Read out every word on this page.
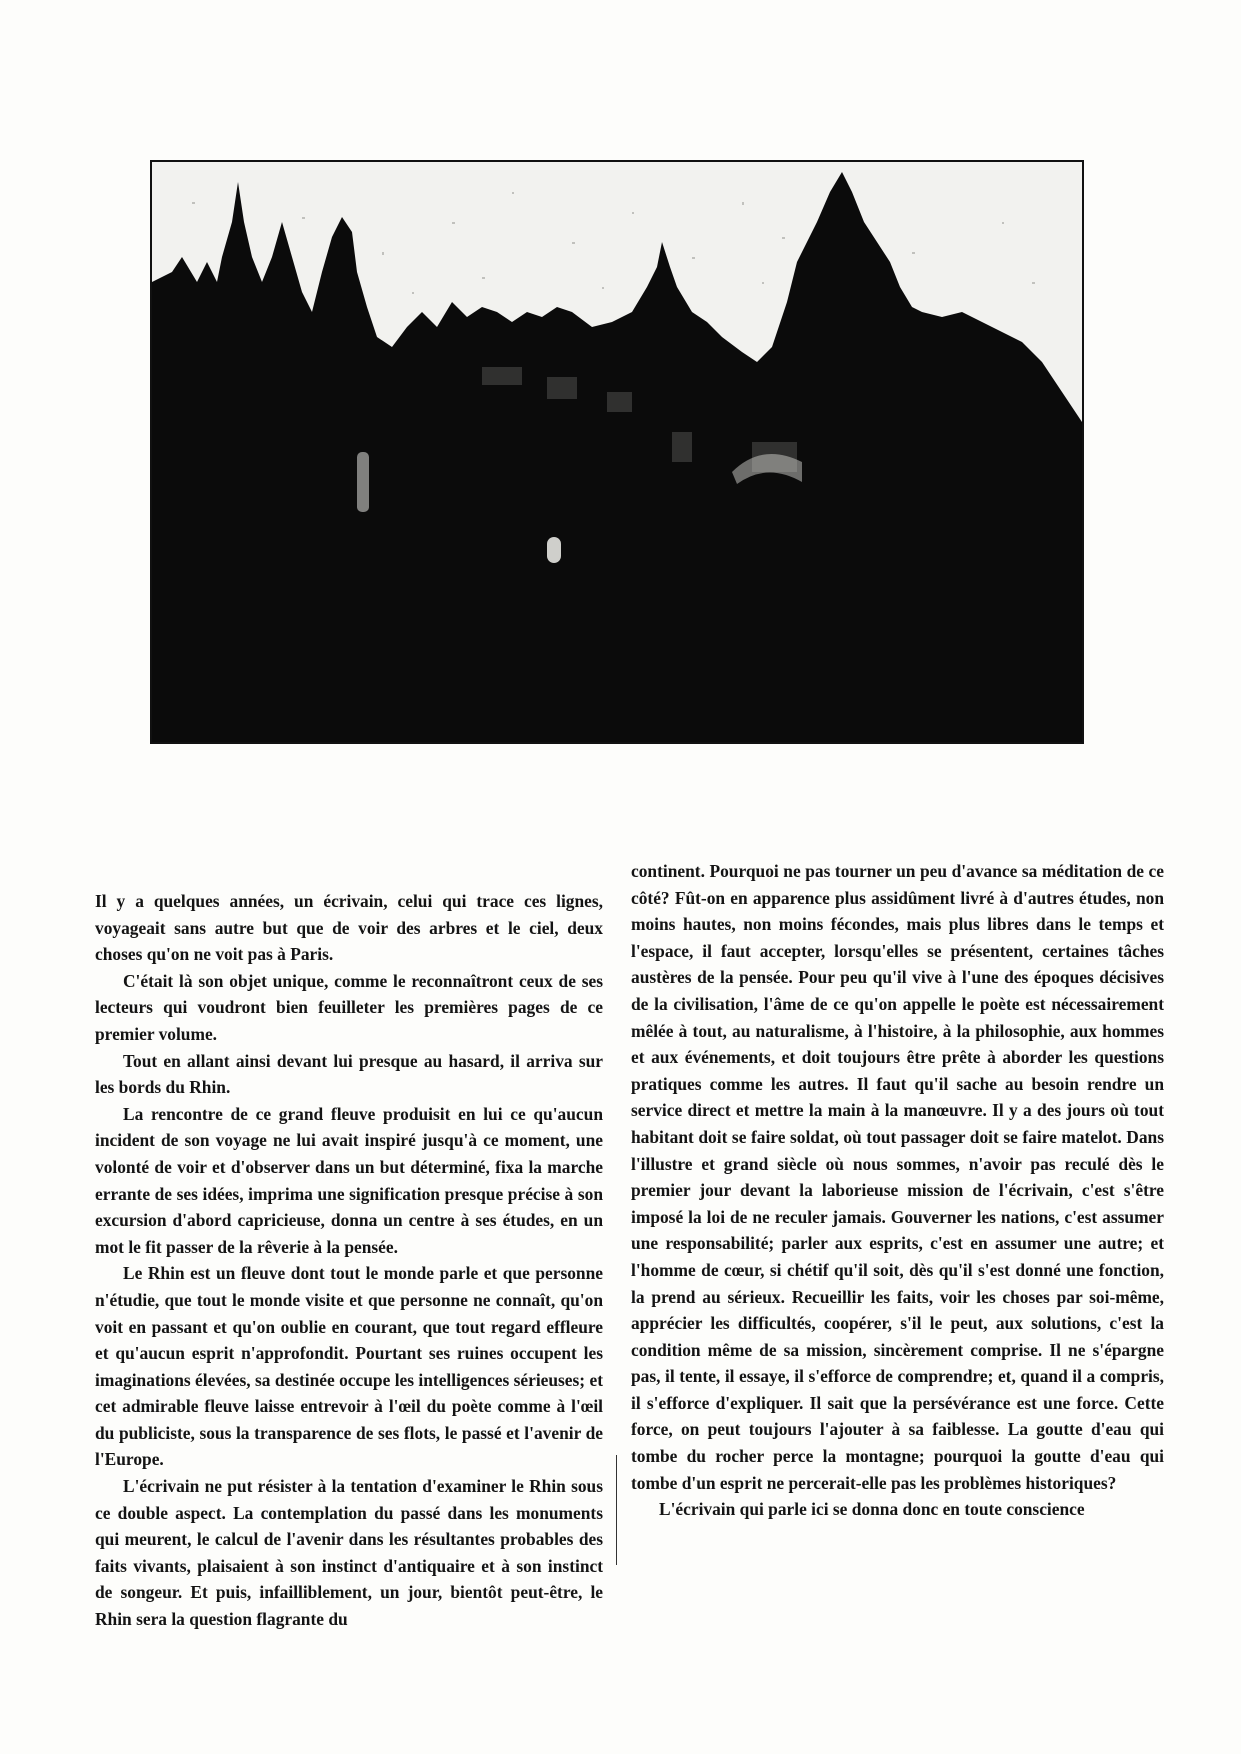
Il y a quelques années, un écrivain, celui qui trace ces lignes, voyageait sans autre but que de voir des arbres et le ciel, deux choses qu'on ne voit pas à Paris.

C'était là son objet unique, comme le reconnaîtront ceux de ses lecteurs qui voudront bien feuilleter les premières pages de ce premier volume.

Tout en allant ainsi devant lui presque au hasard, il arriva sur les bords du Rhin.

La rencontre de ce grand fleuve produisit en lui ce qu'aucun incident de son voyage ne lui avait inspiré jusqu'à ce moment, une volonté de voir et d'observer dans un but déterminé, fixa la marche errante de ses idées, imprima une signification presque précise à son excursion d'abord capricieuse, donna un centre à ses études, en un mot le fit passer de la rêverie à la pensée.

Le Rhin est un fleuve dont tout le monde parle et que personne n'étudie, que tout le monde visite et que personne ne connaît, qu'on voit en passant et qu'on oublie en courant, que tout regard effleure et qu'aucun esprit n'approfondit. Pourtant ses ruines occupent les imaginations élevées, sa destinée occupe les intelligences sérieuses; et cet admirable fleuve laisse entrevoir à l'œil du poète comme à l'œil du publiciste, sous la transparence de ses flots, le passé et l'avenir de l'Europe.

L'écrivain ne put résister à la tentation d'examiner le Rhin sous ce double aspect. La contemplation du passé dans les monuments qui meurent, le calcul de l'avenir dans les résultantes probables des faits vivants, plaisaient à son instinct d'antiquaire et à son instinct de songeur. Et puis, infailliblement, un jour, bientôt peut-être, le Rhin sera la question flagrante du

continent. Pourquoi ne pas tourner un peu d'avance sa méditation de ce côté? Fût-on en apparence plus assidûment livré à d'autres études, non moins hautes, non moins fécondes, mais plus libres dans le temps et l'espace, il faut accepter, lorsqu'elles se présentent, certaines tâches austères de la pensée. Pour peu qu'il vive à l'une des époques décisives de la civilisation, l'âme de ce qu'on appelle le poète est nécessairement mêlée à tout, au naturalisme, à l'histoire, à la philosophie, aux hommes et aux événements, et doit toujours être prête à aborder les questions pratiques comme les autres. Il faut qu'il sache au besoin rendre un service direct et mettre la main à la manœuvre. Il y a des jours où tout habitant doit se faire soldat, où tout passager doit se faire matelot. Dans l'illustre et grand siècle où nous sommes, n'avoir pas reculé dès le premier jour devant la laborieuse mission de l'écrivain, c'est s'être imposé la loi de ne reculer jamais. Gouverner les nations, c'est assumer une responsabilité; parler aux esprits, c'est en assumer une autre; et l'homme de cœur, si chétif qu'il soit, dès qu'il s'est donné une fonction, la prend au sérieux. Recueillir les faits, voir les choses par soi-même, apprécier les difficultés, coopérer, s'il le peut, aux solutions, c'est la condition même de sa mission, sincèrement comprise. Il ne s'épargne pas, il tente, il essaye, il s'efforce de comprendre; et, quand il a compris, il s'efforce d'expliquer. Il sait que la persévérance est une force. Cette force, on peut toujours l'ajouter à sa faiblesse. La goutte d'eau qui tombe du rocher perce la montagne; pourquoi la goutte d'eau qui tombe d'un esprit ne percerait-elle pas les problèmes historiques?

L'écrivain qui parle ici se donna donc en toute conscience
